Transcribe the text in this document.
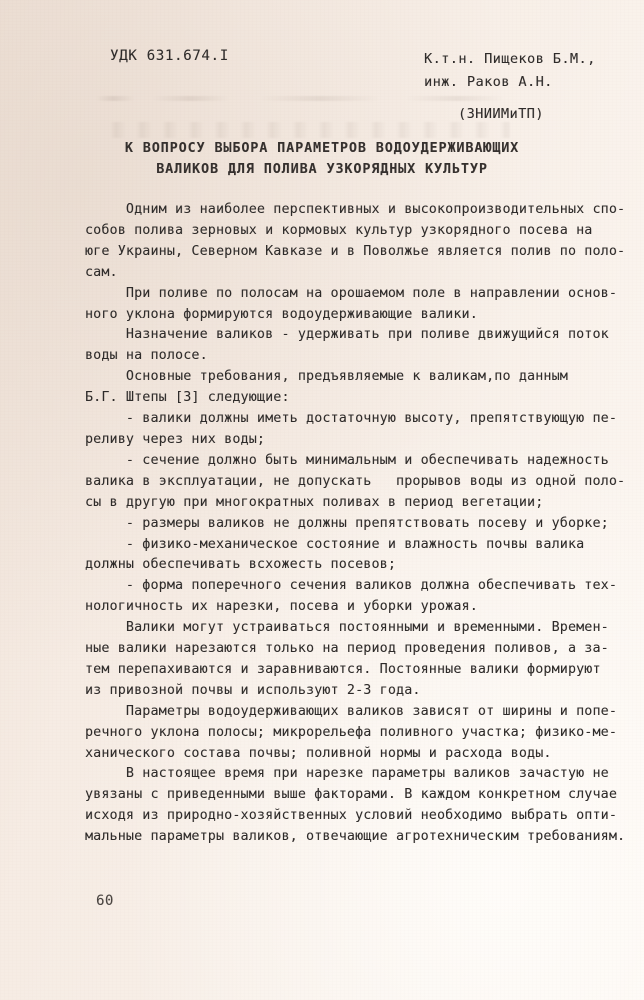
УДК 631.674.I	К.т.н. Пищеков Б.М.,
инж. Раков А.Н.
(ЗНИИМиТП)
К ВОПРОСУ ВЫБОРА ПАРАМЕТРОВ ВОДОУДЕРЖИВАЮЩИХ
ВАЛИКОВ ДЛЯ ПОЛИВА УЗКОРЯДНЫХ КУЛЬТУР

Одним из наиболее перспективных и высокопроизводительных спо-

собов полива зерновых и кормовых культур узкорядного посева на

юге Украины, Северном Кавказе и в Поволжье является полив по поло-

сам.

При поливе по полосам на орошаемом поле в направлении основ-

ного уклона формируются водоудерживающие валики.

Назначение валиков - удерживать при поливе движущийся поток

воды на полосе.

Основные требования, предъявляемые к валикам,по данным

Б.Г. Штепы [3] следующие:

- валики должны иметь достаточную высоту, препятствующую пе-

реливу через них воды;

- сечение должно быть минимальным и обеспечивать надежность

валика в эксплуатации, не допускать   прорывов воды из одной поло-

сы в другую при многократных поливах в период вегетации;

- размеры валиков не должны препятствовать посеву и уборке;

- физико-механическое состояние и влажность почвы валика

должны обеспечивать всхожесть посевов;

- форма поперечного сечения валиков должна обеспечивать тех-

нологичность их нарезки, посева и уборки урожая.

Валики могут устраиваться постоянными и временными. Времен-

ные валики нарезаются только на период проведения поливов, а за-

тем перепахиваются и заравниваются. Постоянные валики формируют

из привозной почвы и используют 2-3 года.

Параметры водоудерживающих валиков зависят от ширины и попе-

речного уклона полосы; микрорельефа поливного участка; физико-ме-

ханического состава почвы; поливной нормы и расхода воды.

В настоящее время при нарезке параметры валиков зачастую не

увязаны с приведенными выше факторами. В каждом конкретном случае

исходя из природно-хозяйственных условий необходимо выбрать опти-

мальные параметры валиков, отвечающие агротехническим требованиям.

60
